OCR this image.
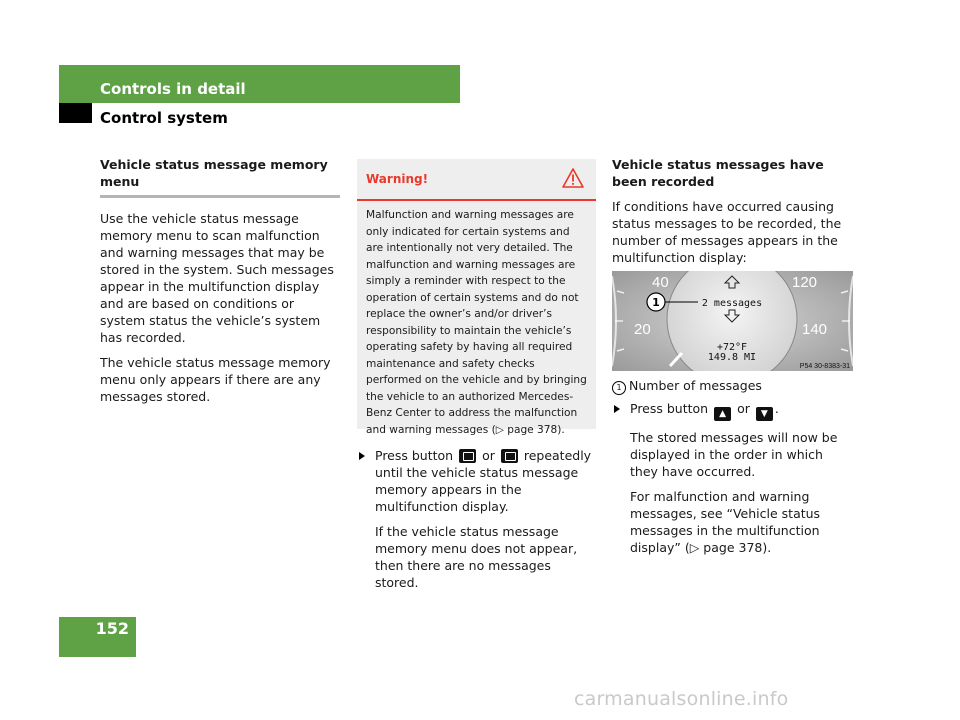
Controls in detail
Control system
Vehicle status message memory menu

Use the vehicle status message memory menu to scan malfunction and warning messages that may be stored in the system. Such messages appear in the multifunction display and are based on conditions or system status the vehicle’s system has recorded.

The vehicle status message memory menu only appears if there are any messages stored.

Warning!
Malfunction and warning messages are only indicated for certain systems and are intentionally not very detailed. The malfunction and warning messages are simply a reminder with respect to the operation of certain systems and do not replace the owner’s and/or driver’s responsibility to maintain the vehicle’s operating safety by having all required maintenance and safety checks performed on the vehicle and by bringing the vehicle to an authorized Mercedes-Benz Center to address the malfunction and warning messages (▷ page 378).

Press button or repeatedly until the vehicle status message memory appears in the multifunction display.

If the vehicle status message memory menu does not appear, then there are no messages stored.

Vehicle status messages have been recorded

If conditions have occurred causing status messages to be recorded, the number of messages appears in the multifunction display:

40
20
120
140
1	2 messages
+72°F
149.8 MI
P54 30-8383-31
1 Number of messages

Press button ▲ or ▼ .

The stored messages will now be displayed in the order in which they have occurred.

For malfunction and warning messages, see “Vehicle status messages in the multifunction display” (▷ page 378).

152
carmanualsonline.info
